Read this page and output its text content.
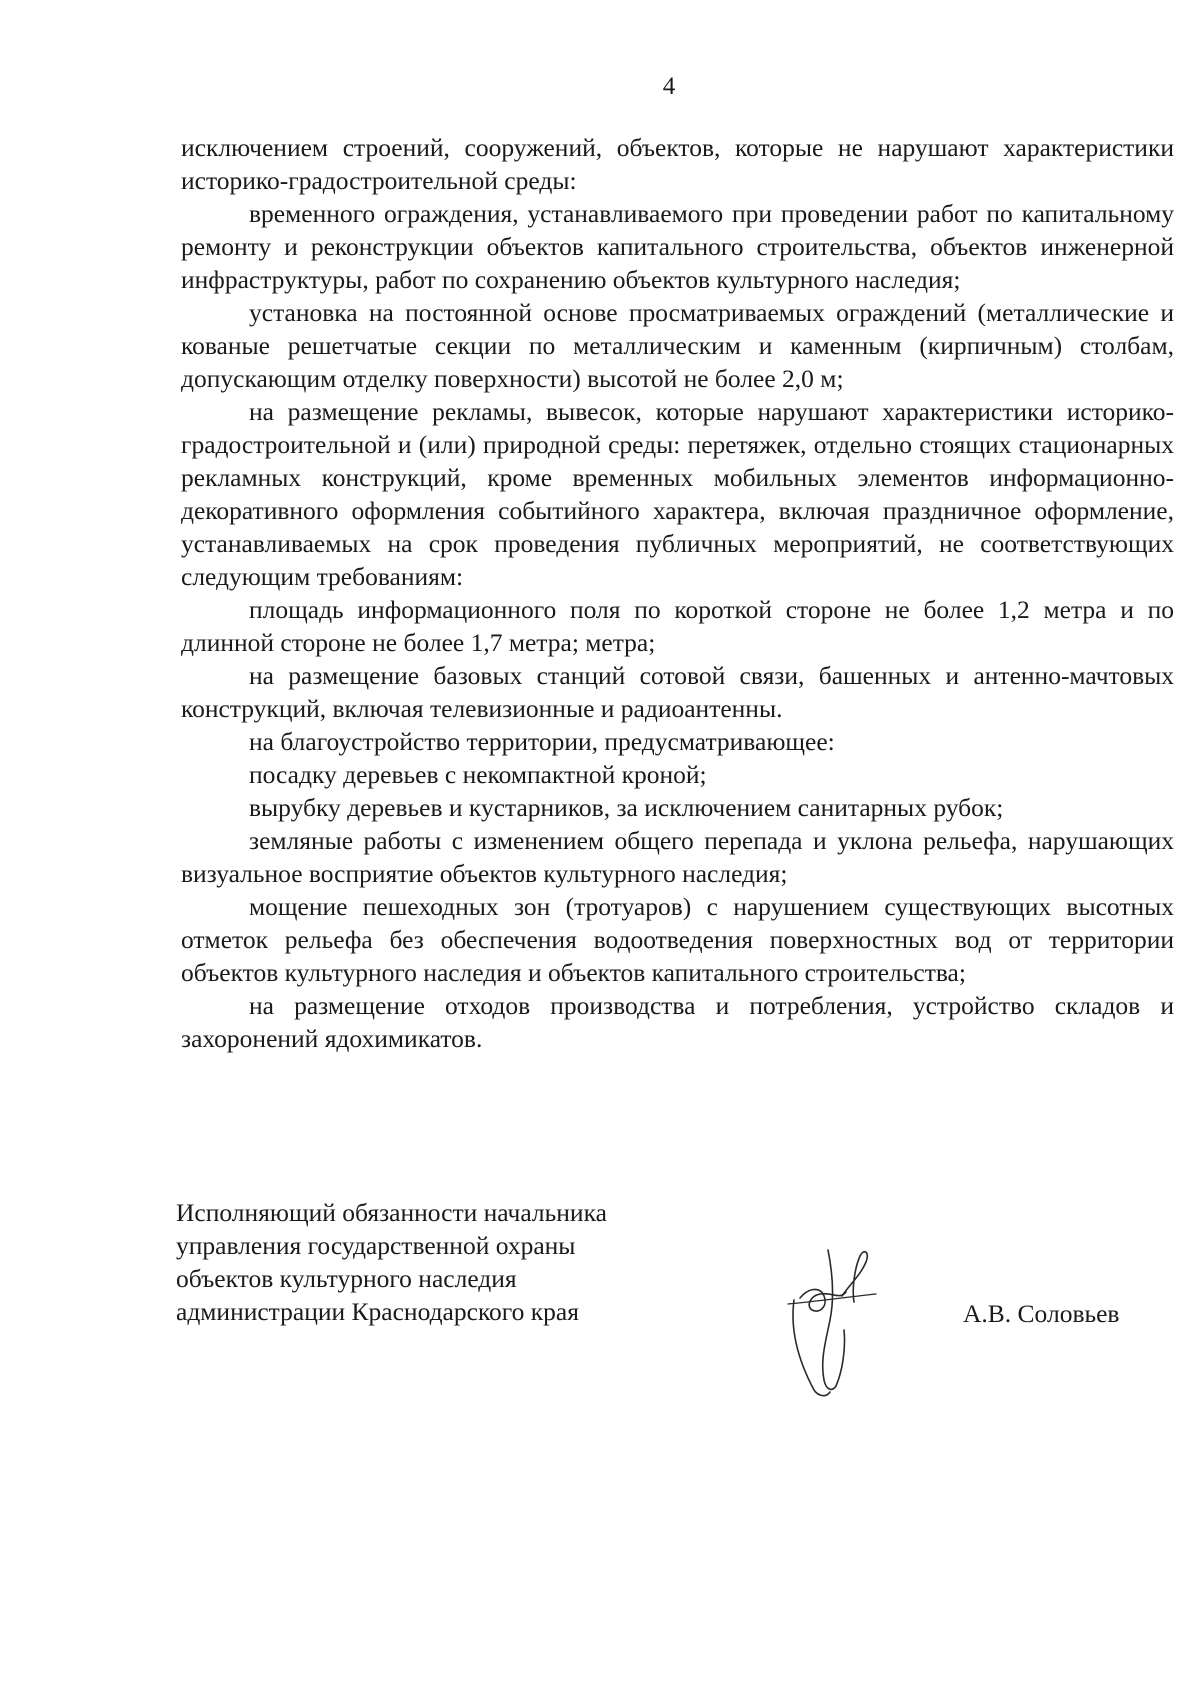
4

исключением строений, сооружений, объектов, которые не нарушают характеристики историко-градостроительной среды:

временного ограждения, устанавливаемого при проведении работ по капитальному ремонту и реконструкции объектов капитального строительства, объектов инженерной инфраструктуры, работ по сохранению объектов культурного наследия;

установка на постоянной основе просматриваемых ограждений (металлические и кованые решетчатые секции по металлическим и каменным (кирпичным) столбам, допускающим отделку поверхности) высотой не более 2,0 м;

на размещение рекламы, вывесок, которые нарушают характеристики историко-градостроительной и (или) природной среды: перетяжек, отдельно стоящих стационарных рекламных конструкций, кроме временных мобильных элементов информационно-декоративного оформления событийного характера, включая праздничное оформление, устанавливаемых на срок проведения публичных мероприятий, не соответствующих следующим требованиям:

площадь информационного поля по короткой стороне не более 1,2 метра и по длинной стороне не более 1,7 метра; метра;

на размещение базовых станций сотовой связи, башенных и антенно-мачтовых конструкций, включая телевизионные и радиоантенны.

на благоустройство территории, предусматривающее:

посадку деревьев с некомпактной кроной;

вырубку деревьев и кустарников, за исключением санитарных рубок;

земляные работы с изменением общего перепада и уклона рельефа, нарушающих визуальное восприятие объектов культурного наследия;

мощение пешеходных зон (тротуаров) с нарушением существующих высотных отметок рельефа без обеспечения водоотведения поверхностных вод от территории объектов культурного наследия и объектов капитального строительства;

на размещение отходов производства и потребления, устройство складов и захоронений ядохимикатов.

Исполняющий обязанности начальника
управления государственной охраны
объектов культурного наследия
администрации Краснодарского края	А.В. Соловьев
